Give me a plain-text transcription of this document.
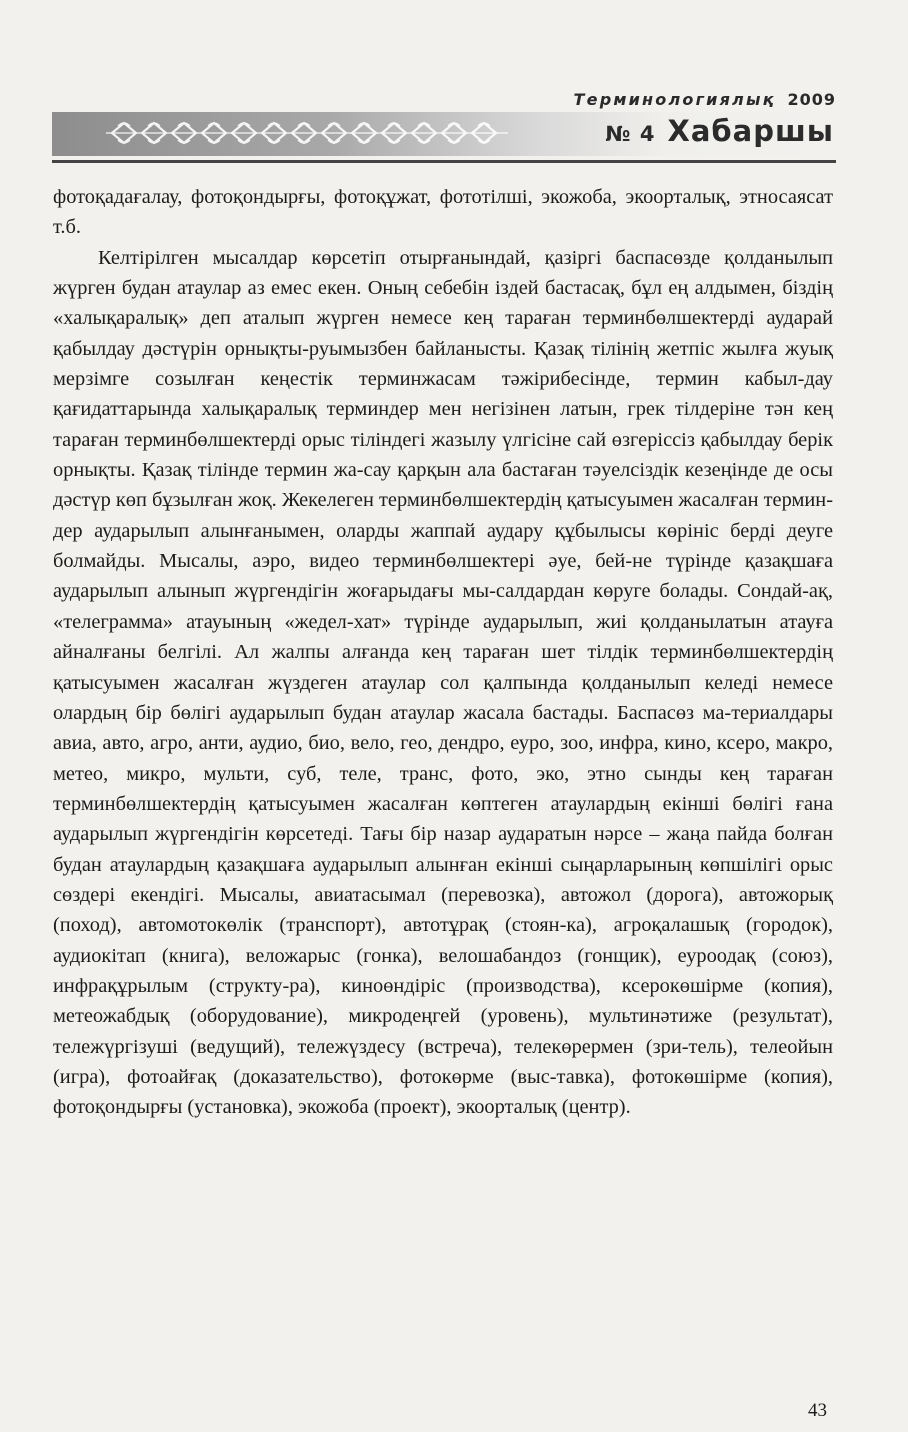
Терминологиялық 2009
№ 4 Хабаршы

фотоқадағалау, фотоқондырғы, фотоқұжат, фототілші, экожоба, экоорталық, этносаясат т.б.

Келтірілген мысалдар көрсетіп отырғанындай, қазіргі баспасөзде қолданылып жүрген будан атаулар аз емес екен. Оның себебін іздей бастасақ, бұл ең алдымен, біздің «халықаралық» деп аталып жүрген немесе кең тараған терминбөлшектерді аударай қабылдау дәстүрін орнықты-руымызбен байланысты. Қазақ тілінің жетпіс жылға жуық мерзімге созылған кеңестік терминжасам тәжірибесінде, термин кабыл-дау қағидаттарында халықаралық терминдер мен негізінен латын, грек тілдеріне тән кең тараған терминбөлшектерді орыс тіліндегі жазылу үлгісіне сай өзгеріссіз қабылдау берік орнықты. Қазақ тілінде термин жа-сау қарқын ала бастаған тәуелсіздік кезеңінде де осы дәстүр көп бұзылған жоқ. Жекелеген терминбөлшектердің қатысуымен жасалған термин-дер аударылып алынғанымен, оларды жаппай аудару құбылысы көрініс берді деуге болмайды. Мысалы, аэро, видео терминбөлшектері әуе, бей-не түрінде қазақшаға аударылып алынып жүргендігін жоғарыдағы мы-салдардан көруге болады. Сондай-ақ, «телеграмма» атауының «жедел-хат» түрінде аударылып, жиі қолданылатын атауға айналғаны белгілі. Ал жалпы алғанда кең тараған шет тілдік терминбөлшектердің қатысуымен жасалған жүздеген атаулар сол қалпында қолданылып келеді немесе олардың бір бөлігі аударылып будан атаулар жасала бастады. Баспасөз ма-териалдары авиа, авто, агро, анти, аудио, био, вело, гео, дендро, еуро, зоо, инфра, кино, ксеро, макро, метео, микро, мульти, суб, теле, транс, фото, эко, этно сынды кең тараған терминбөлшектердің қатысуымен жасалған көптеген атаулардың екінші бөлігі ғана аударылып жүргендігін көрсетеді. Тағы бір назар аударатын нәрсе – жаңа пайда болған будан атаулардың қазақшаға аударылып алынған екінші сыңарларының көпшілігі орыс сөздері екендігі. Мысалы, авиатасымал (перевозка), автожол (дорога), автожорық (поход), автомотокөлік (транспорт), автотұрақ (стоян-ка), агроқалашық (городок), аудиокітап (книга), веложарыс (гонка), велошабандоз (гонщик), еуроодақ (союз), инфрақұрылым (структу-ра), киноөндіріс (производства), ксерокөшірме (копия), метеожабдық (оборудование), микродеңгей (уровень), мультинәтиже (результат), тележүргізуші (ведущий), тележүздесу (встреча), телекөрермен (зри-тель), телеойын (игра), фотоайғақ (доказательство), фотокөрме (выс-тавка), фотокөшірме (копия), фотоқондырғы (установка), экожоба (проект), экоорталық (центр).

43
